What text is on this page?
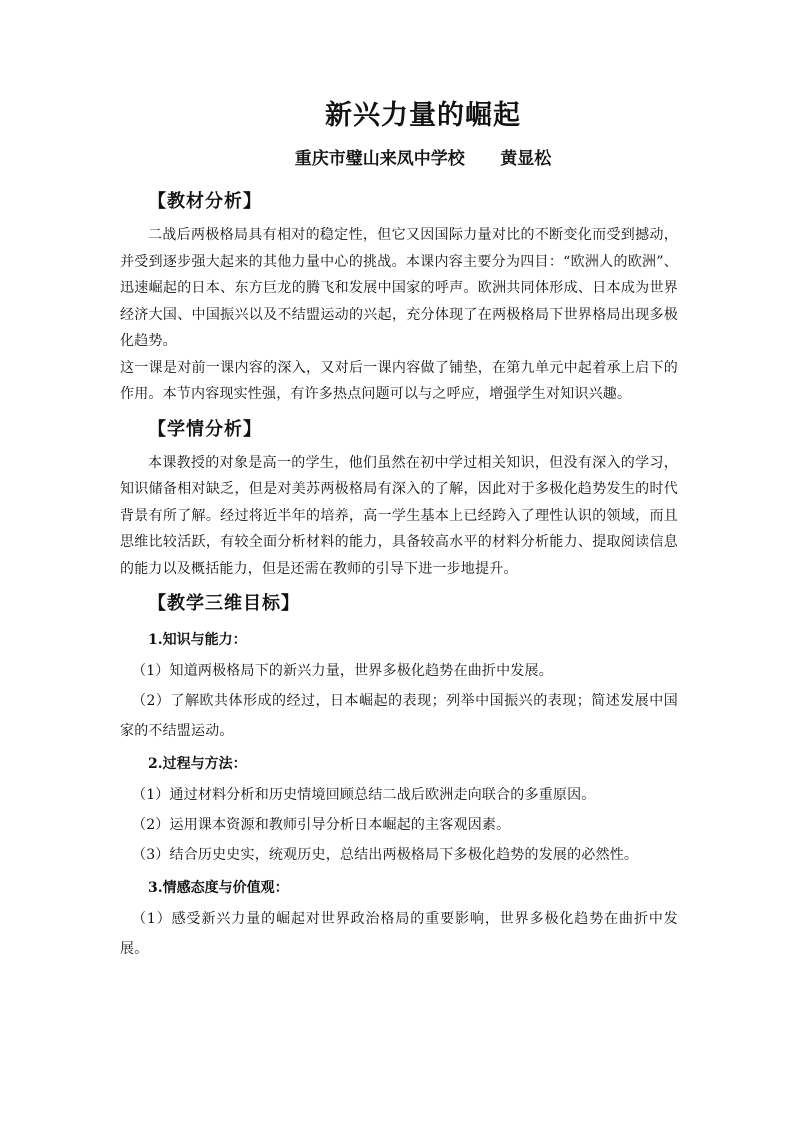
新兴力量的崛起
重庆市璧山来凤中学校      黄显松
【教材分析】

二战后两极格局具有相对的稳定性，但它又因国际力量对比的不断变化而受到撼动，并受到逐步强大起来的其他力量中心的挑战。本课内容主要分为四目：“欧洲人的欧洲”、迅速崛起的日本、东方巨龙的腾飞和发展中国家的呼声。欧洲共同体形成、日本成为世界经济大国、中国振兴以及不结盟运动的兴起，充分体现了在两极格局下世界格局出现多极化趋势。

这一课是对前一课内容的深入，又对后一课内容做了铺垫，在第九单元中起着承上启下的作用。本节内容现实性强，有许多热点问题可以与之呼应，增强学生对知识兴趣。

【学情分析】

本课教授的对象是高一的学生，他们虽然在初中学过相关知识，但没有深入的学习，知识储备相对缺乏，但是对美苏两极格局有深入的了解，因此对于多极化趋势发生的时代背景有所了解。经过将近半年的培养，高一学生基本上已经跨入了理性认识的领域，而且思维比较活跃，有较全面分析材料的能力，具备较高水平的材料分析能力、提取阅读信息的能力以及概括能力，但是还需在教师的引导下进一步地提升。

【教学三维目标】
1.知识与能力：

（1）知道两极格局下的新兴力量，世界多极化趋势在曲折中发展。

（2）了解欧共体形成的经过，日本崛起的表现；列举中国振兴的表现；简述发展中国家的不结盟运动。

2.过程与方法：

（1）通过材料分析和历史情境回顾总结二战后欧洲走向联合的多重原因。

（2）运用课本资源和教师引导分析日本崛起的主客观因素。

（3）结合历史史实，统观历史，总结出两极格局下多极化趋势的发展的必然性。

3.情感态度与价值观：

（1）感受新兴力量的崛起对世界政治格局的重要影响，世界多极化趋势在曲折中发展。
